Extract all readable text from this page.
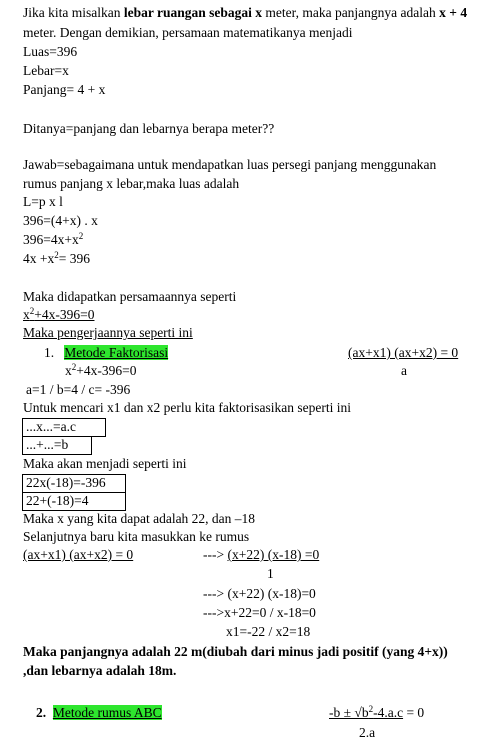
Jika kita misalkan lebar ruangan sebagai x meter, maka panjangnya adalah x + 4
meter. Dengan demikian, persamaan matematikanya menjadi
Luas=396
Lebar=x
Panjang= 4 + x
Ditanya=panjang dan lebarnya berapa meter??
Jawab=sebagaimana untuk mendapatkan luas persegi panjang menggunakan
rumus panjang x lebar,maka luas adalah
L=p x l
396=(4+x) . x
$396=4x+x^2$
$4x +x^2= 396$
Maka didapatkan persamaannya seperti
$x^2+4x-396=0$
Maka pengerjaannya seperti ini
1. Metode Faktorisasi	(ax+x1) (ax+x2) = 0
a
$x^2+4x-396=0$
a=1 / b=4 / c= -396
Untuk mencari x1 dan x2 perlu kita faktorisasikan seperti ini
...x...=a.c
...+...=b
Maka akan menjadi seperti ini
22x(-18)=-396
22+(-18)=4
Maka x yang kita dapat adalah 22, dan –18
Selanjutnya baru kita masukkan ke rumus
(ax+x1) (ax+x2) = 0	---> (x+22) (x-18) =0
1
---> (x+22) (x-18)=0
--->x+22=0 / x-18=0
x1=-22 / x2=18
Maka panjangnya adalah 22 m(diubah dari minus jadi positif (yang 4+x))
,dan lebarnya adalah 18m.
2. Metode rumus ABC	$-b \pm √b^2-4.a.c = 0$
2.a
